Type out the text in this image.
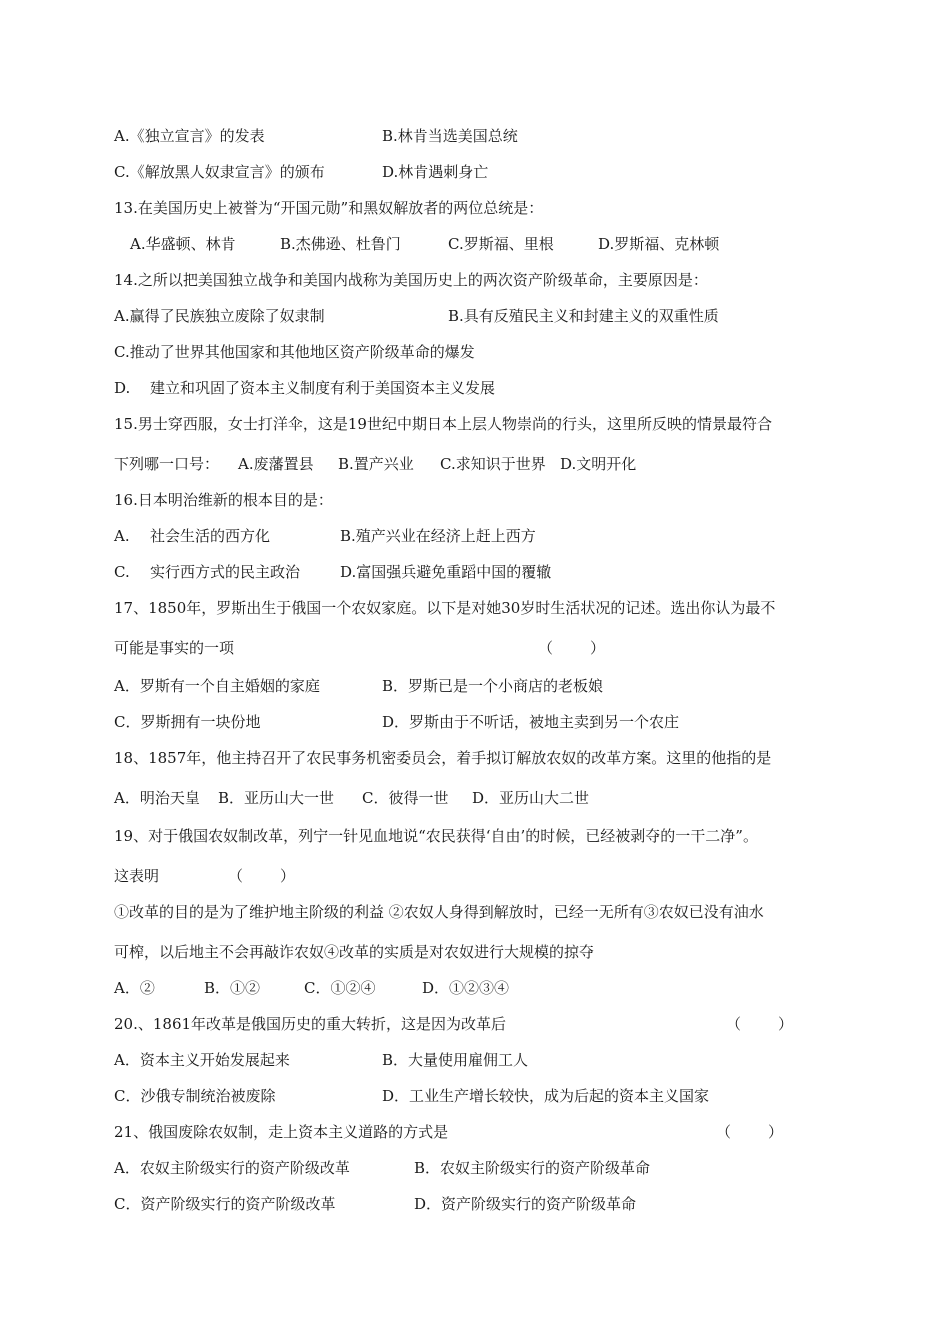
A.《独立宣言》的发表	B.林肯当选美国总统
C.《解放黑人奴隶宣言》的颁布	D.林肯遇刺身亡
13.在美国历史上被誉为“开国元勋”和黑奴解放者的两位总统是：
A.华盛顿、林肯	B.杰佛逊、杜鲁门	C.罗斯福、里根	D.罗斯福、克林顿
14.之所以把美国独立战争和美国内战称为美国历史上的两次资产阶级革命，主要原因是：
A.赢得了民族独立废除了奴隶制	B.具有反殖民主义和封建主义的双重性质
C.推动了世界其他国家和其他地区资产阶级革命的爆发
D. 建立和巩固了资本主义制度有利于美国资本主义发展
15.男士穿西服，女士打洋伞，这是19世纪中期日本上层人物崇尚的行头，这里所反映的情景最符合
下列哪一口号： A.废藩置县 B.置产兴业 C.求知识于世界 D.文明开化
16.日本明治维新的根本目的是：
A. 社会生活的西方化	B.殖产兴业在经济上赶上西方
C. 实行西方式的民主政治	D.富国强兵避免重蹈中国的覆辙
17、1850年，罗斯出生于俄国一个农奴家庭。以下是对她30岁时生活状况的记述。选出你认为最不
可能是事实的一项	（ ）
A．罗斯有一个自主婚姻的家庭	B．罗斯已是一个小商店的老板娘
C．罗斯拥有一块份地	D．罗斯由于不听话，被地主卖到另一个农庄
18、1857年，他主持召开了农民事务机密委员会，着手拟订解放农奴的改革方案。这里的他指的是
A．明治天皇 B．亚历山大一世 C．彼得一世 D．亚历山大二世
19、对于俄国农奴制改革，列宁一针见血地说“农民获得‘自由’的时候，已经被剥夺的一干二净”。
这表明	（ ）
①改革的目的是为了维护地主阶级的利益 ②农奴人身得到解放时，已经一无所有③农奴已没有油水
可榨，以后地主不会再敲诈农奴④改革的实质是对农奴进行大规模的掠夺
A．②	B．①②	C．①②④	D．①②③④
20.、1861年改革是俄国历史的重大转折，这是因为改革后	（ ）
A．资本主义开始发展起来	B．大量使用雇佣工人
C．沙俄专制统治被废除	D．工业生产增长较快，成为后起的资本主义国家
21、俄国废除农奴制，走上资本主义道路的方式是	（ ）
A．农奴主阶级实行的资产阶级改革	B．农奴主阶级实行的资产阶级革命
C．资产阶级实行的资产阶级改革	D．资产阶级实行的资产阶级革命
